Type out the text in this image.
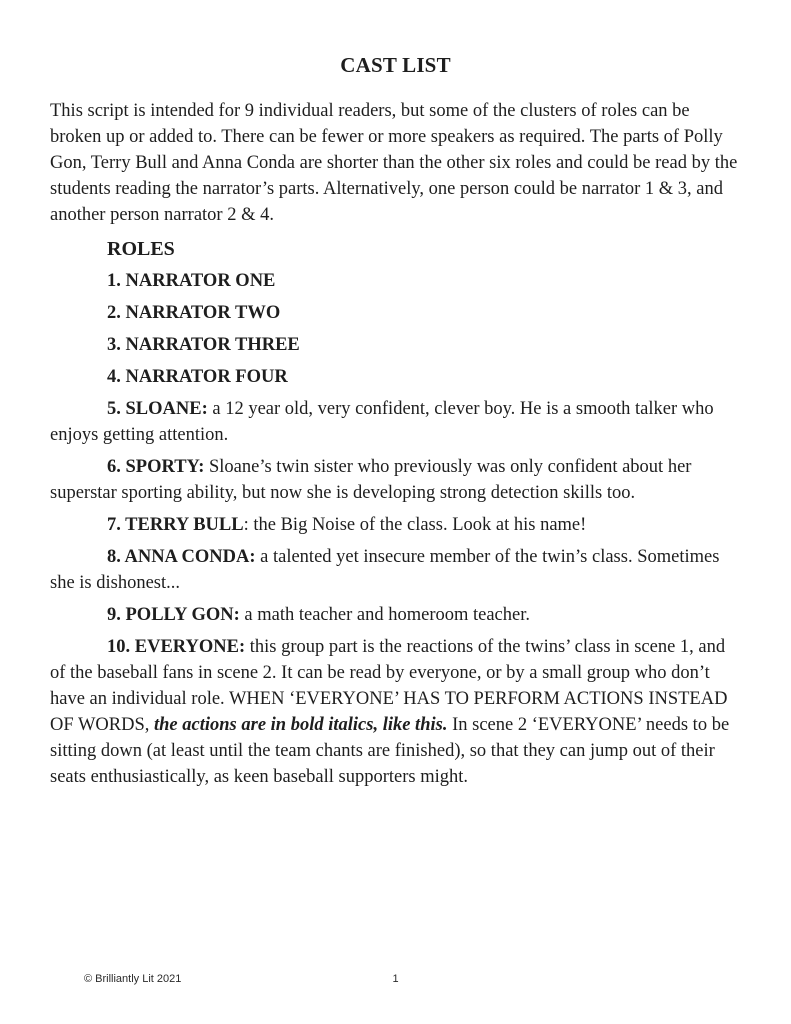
CAST LIST

This script is intended for 9 individual readers, but some of the clusters of roles can be broken up or added to. There can be fewer or more speakers as required. The parts of Polly Gon, Terry Bull and Anna Conda are shorter than the other six roles and could be read by the students reading the narrator’s parts. Alternatively, one person could be narrator 1 & 3, and another person narrator 2 & 4.

ROLES

1. NARRATOR ONE

2. NARRATOR TWO

3. NARRATOR THREE

4. NARRATOR FOUR

5. SLOANE: a 12 year old, very confident, clever boy. He is a smooth talker who enjoys getting attention.

6. SPORTY: Sloane’s twin sister who previously was only confident about her superstar sporting ability, but now she is developing strong detection skills too.

7. TERRY BULL: the Big Noise of the class. Look at his name!

8. ANNA CONDA: a talented yet insecure member of the twin’s class. Sometimes she is dishonest...

9. POLLY GON: a math teacher and homeroom teacher.

10. EVERYONE: this group part is the reactions of the twins’ class in scene 1, and of the baseball fans in scene 2. It can be read by everyone, or by a small group who don’t have an individual role. WHEN ‘EVERYONE’ HAS TO PERFORM ACTIONS INSTEAD OF WORDS, the actions are in bold italics, like this. In scene 2 ‘EVERYONE’ needs to be sitting down (at least until the team chants are finished), so that they can jump out of their seats enthusiastically, as keen baseball supporters might.

© Brilliantly Lit 2021	1
